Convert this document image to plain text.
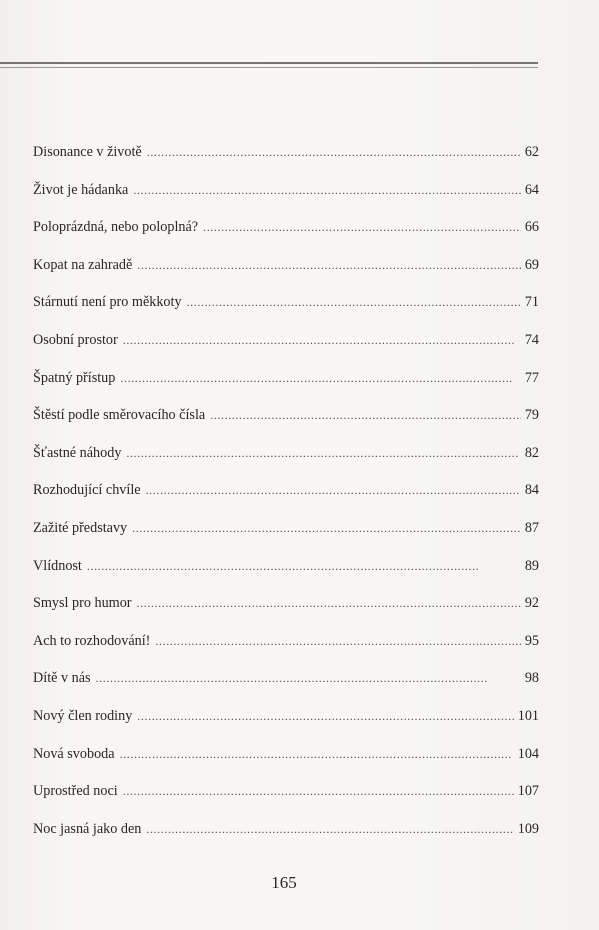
Disonance v životě . . .	62
Život je hádanka . . .	64
Poloprázdná, nebo poloplná? . . .	66
Kopat na zahradě . . .	69
Stárnutí není pro měkkoty . . .	71
Osobní prostor . . .	74
Špatný přístup . . .	77
Štěstí podle směrovacího čísla . . .	79
Šťastné náhody . . .	82
Rozhodující chvíle . . .	84
Zažité představy . . .	87
Vlídnost . . .	89
Smysl pro humor . . .	92
Ach to rozhodování! . . .	95
Dítě v nás . . .	98
Nový člen rodiny . . .	101
Nová svoboda . . .	104
Uprostřed noci . . .	107
Noc jasná jako den . . .	109
165
